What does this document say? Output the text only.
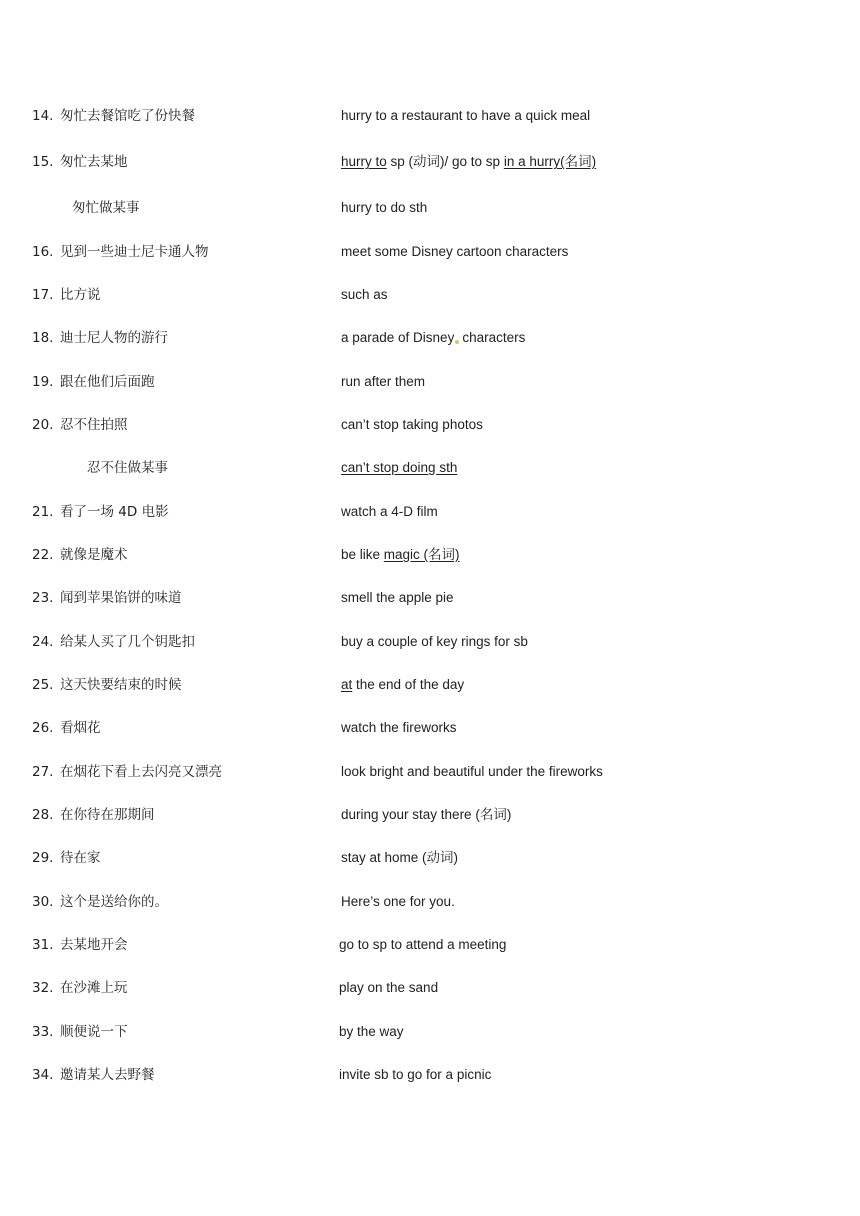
14. 匆忙去餐馆吃了份快餐	hurry to a restaurant to have a quick meal
15. 匆忙去某地	hurry to sp (动词)/ go to sp in a hurry(名词)
匆忙做某事	hurry to do sth
16. 见到一些迪士尼卡通人物	meet some Disney cartoon characters
17. 比方说	such as
18. 迪士尼人物的游行	a parade of Disney characters
19. 跟在他们后面跑	run after them
20. 忍不住拍照	can’t stop taking photos
忍不住做某事	can’t stop doing sth
21. 看了一场 4D 电影	watch a 4-D film
22. 就像是魔术	be like magic (名词)
23. 闻到苹果馅饼的味道	smell the apple pie
24. 给某人买了几个钥匙扣	buy a couple of key rings for sb
25. 这天快要结束的时候	at the end of the day
26. 看烟花	watch the fireworks
27. 在烟花下看上去闪亮又漂亮	look bright and beautiful under the fireworks
28. 在你待在那期间	during your stay there (名词)
29. 待在家	stay at home (动词)
30. 这个是送给你的。	Here’s one for you.
31. 去某地开会	go to sp to attend a meeting
32. 在沙滩上玩	play on the sand
33. 顺便说一下	by the way
34. 邀请某人去野餐	invite sb to go for a picnic
